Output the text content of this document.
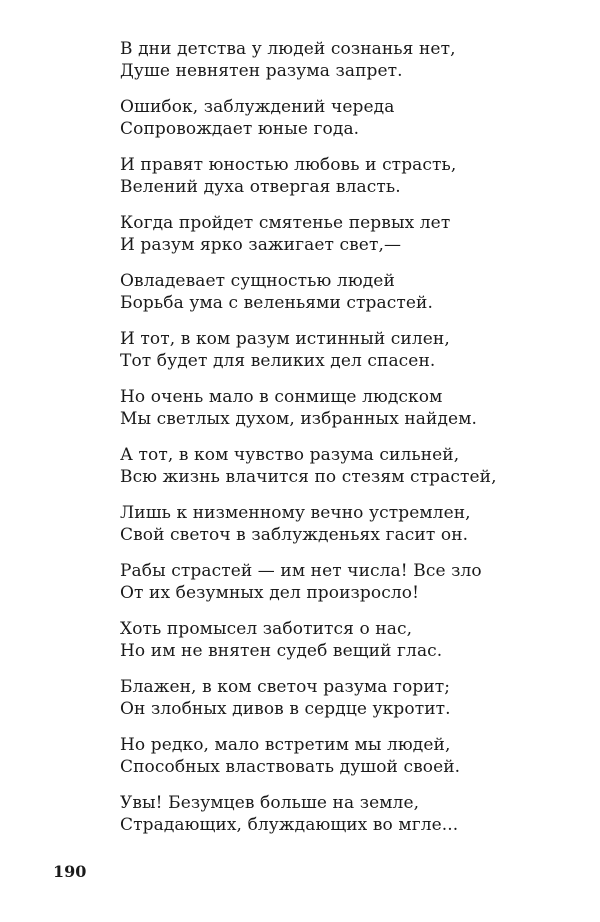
В дни детства у людей сознанья нет,
Душе невнятен разума запрет.

Ошибок, заблуждений череда
Сопровождает юные года.

И правят юностью любовь и страсть,
Велений духа отвергая власть.

Когда пройдет смятенье первых лет
И разум ярко зажигает свет,—

Овладевает сущностью людей
Борьба ума с веленьями страстей.

И тот, в ком разум истинный силен,
Тот будет для великих дел спасен.

Но очень мало в сонмище людском
Мы светлых духом, избранных найдем.

А тот, в ком чувство разума сильней,
Всю жизнь влачится по стезям страстей,

Лишь к низменному вечно устремлен,
Свой светоч в заблужденьях гасит он.

Рабы страстей — им нет числа! Все зло
От их безумных дел произросло!

Хоть промысел заботится о нас,
Но им не внятен судеб вещий глас.

Блажен, в ком светоч разума горит;
Он злобных дивов в сердце укротит.

Но редко, мало встретим мы людей,
Способных властвовать душой своей.

Увы! Безумцев больше на земле,
Страдающих, блуждающих во мгле...

190
